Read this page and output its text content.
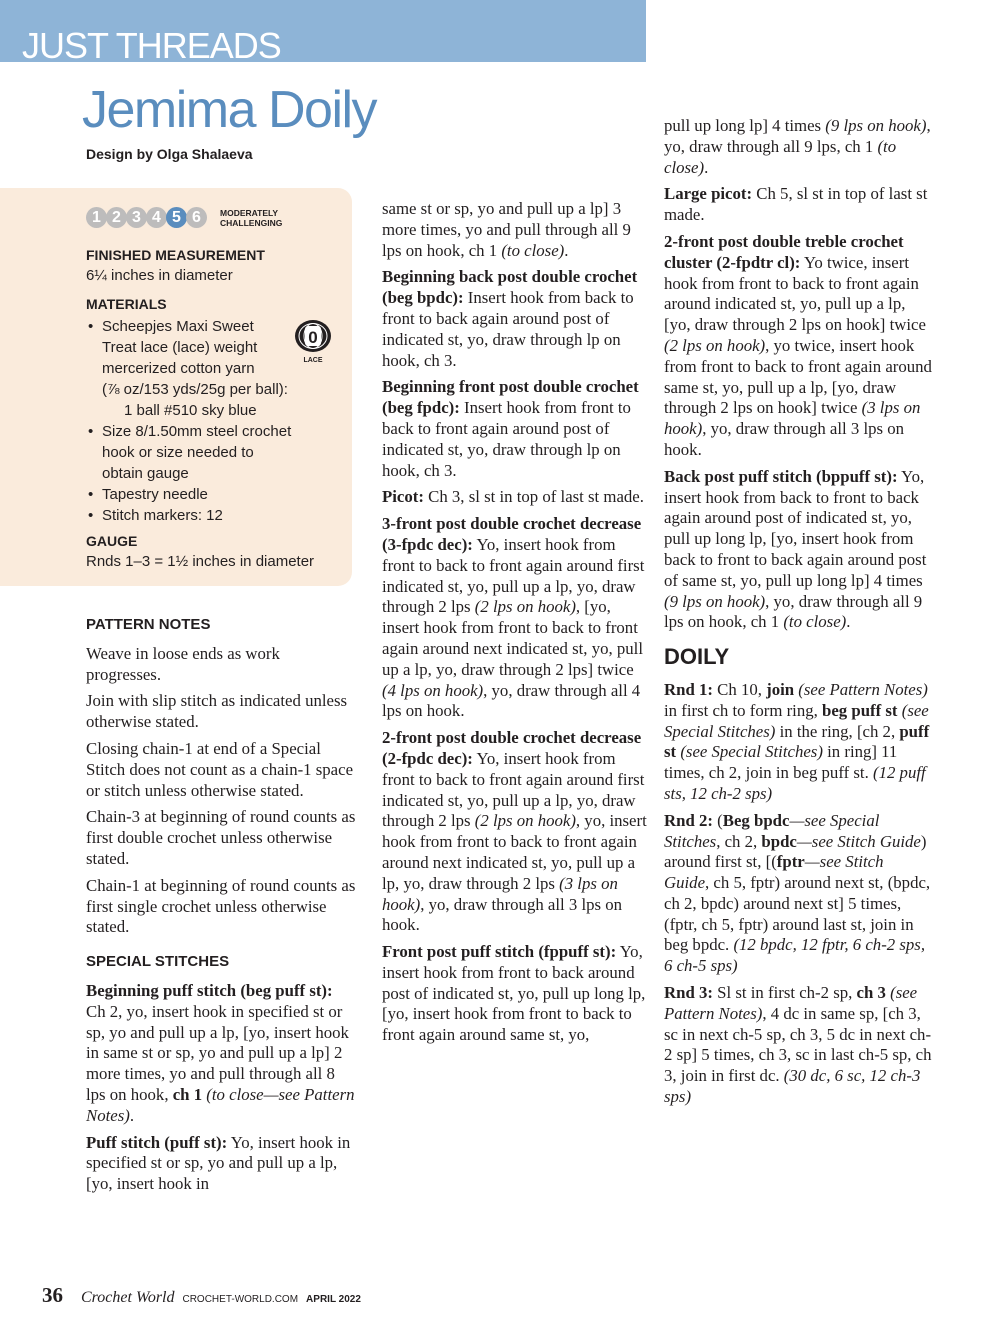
JUST THREADS
Jemima Doily
Design by Olga Shalaeva
1 2 3 4 5 6	MODERATELY
CHALLENGING
FINISHED MEASUREMENT
6¼ inches in diameter
MATERIALS
• Scheepjes Maxi Sweet
Treat lace (lace) weight
mercerized cotton yarn
(⅞ oz/153 yds/25g per ball):
1 ball #510 sky blue
• Size 8/1.50mm steel crochet
hook or size needed to
obtain gauge
• Tapestry needle
• Stitch markers: 12
0
LACE
GAUGE
Rnds 1–3 = 1½ inches in diameter
PATTERN NOTES

Weave in loose ends as work progresses.

Join with slip stitch as indicated unless otherwise stated.

Closing chain-1 at end of a Special Stitch does not count as a chain-1 space or stitch unless otherwise stated.

Chain-3 at beginning of round counts as first double crochet unless otherwise stated.

Chain-1 at beginning of round counts as first single crochet unless otherwise stated.

SPECIAL STITCHES

Beginning puff stitch (beg puff st): Ch 2, yo, insert hook in specified st or sp, yo and pull up a lp, [yo, insert hook in same st or sp, yo and pull up a lp] 2 more times, yo and pull through all 8 lps on hook, ch 1 (to close—see Pattern Notes).

Puff stitch (puff st): Yo, insert hook in specified st or sp, yo and pull up a lp, [yo, insert hook in

same st or sp, yo and pull up a lp] 3 more times, yo and pull through all 9 lps on hook, ch 1 (to close).

Beginning back post double crochet (beg bpdc): Insert hook from back to front to back again around post of indicated st, yo, draw through lp on hook, ch 3.

Beginning front post double crochet (beg fpdc): Insert hook from front to back to front again around post of indicated st, yo, draw through lp on hook, ch 3.

Picot: Ch 3, sl st in top of last st made.

3-front post double crochet decrease (3-fpdc dec): Yo, insert hook from front to back to front again around first indicated st, yo, pull up a lp, yo, draw through 2 lps (2 lps on hook), [yo, insert hook from front to back to front again around next indicated st, yo, pull up a lp, yo, draw through 2 lps] twice (4 lps on hook), yo, draw through all 4 lps on hook.

2-front post double crochet decrease (2-fpdc dec): Yo, insert hook from front to back to front again around first indicated st, yo, pull up a lp, yo, draw through 2 lps (2 lps on hook), yo, insert hook from front to back to front again around next indicated st, yo, pull up a lp, yo, draw through 2 lps (3 lps on hook), yo, draw through all 3 lps on hook.

Front post puff stitch (fppuff st): Yo, insert hook from front to back around post of indicated st, yo, pull up long lp, [yo, insert hook from front to back to front again around same st, yo,

pull up long lp] 4 times (9 lps on hook), yo, draw through all 9 lps, ch 1 (to close).

Large picot: Ch 5, sl st in top of last st made.

2-front post double treble crochet cluster (2-fpdtr cl): Yo twice, insert hook from front to back to front again around indicated st, yo, pull up a lp, [yo, draw through 2 lps on hook] twice (2 lps on hook), yo twice, insert hook from front to back to front again around same st, yo, pull up a lp, [yo, draw through 2 lps on hook] twice (3 lps on hook), yo, draw through all 3 lps on hook.

Back post puff stitch (bppuff st): Yo, insert hook from back to front to back again around post of indicated st, yo, pull up long lp, [yo, insert hook from back to front to back again around post of same st, yo, pull up long lp] 4 times (9 lps on hook), yo, draw through all 9 lps on hook, ch 1 (to close).

DOILY

Rnd 1: Ch 10, join (see Pattern Notes) in first ch to form ring, beg puff st (see Special Stitches) in the ring, [ch 2, puff st (see Special Stitches) in ring] 11 times, ch 2, join in beg puff st. (12 puff sts, 12 ch-2 sps)

Rnd 2: (Beg bpdc—see Special Stitches, ch 2, bpdc—see Stitch Guide) around first st, [(fptr—see Stitch Guide, ch 5, fptr) around next st, (bpdc, ch 2, bpdc) around next st] 5 times, (fptr, ch 5, fptr) around last st, join in beg bpdc. (12 bpdc, 12 fptr, 6 ch-2 sps, 6 ch-5 sps)

Rnd 3: Sl st in first ch-2 sp, ch 3 (see Pattern Notes), 4 dc in same sp, [ch 3, sc in next ch-5 sp, ch 3, 5 dc in next ch-2 sp] 5 times, ch 3, sc in last ch-5 sp, ch 3, join in first dc. (30 dc, 6 sc, 12 ch-3 sps)

36 Crochet World CROCHET-WORLD.COM APRIL 2022
